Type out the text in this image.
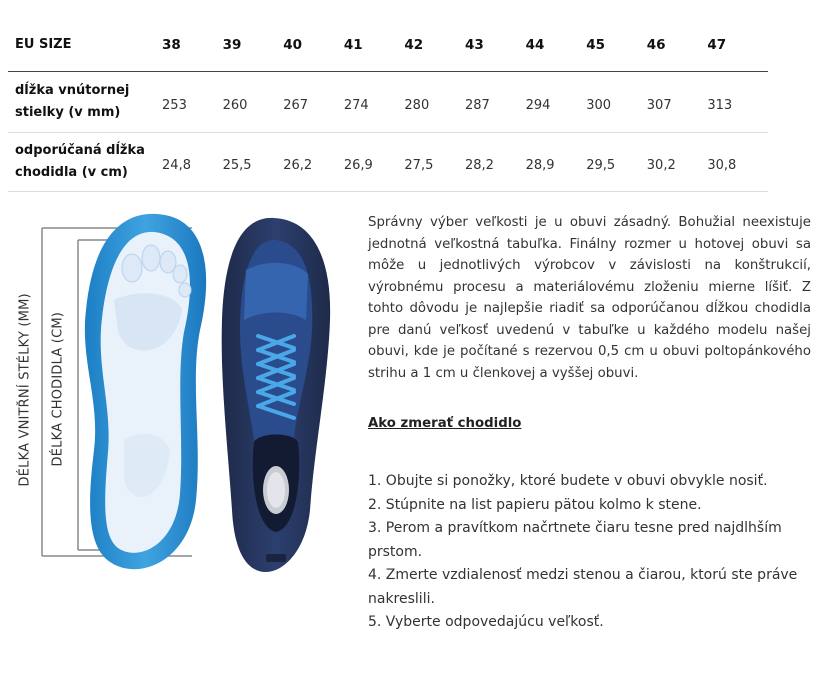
EU SIZE	38	39	40	41	42	43	44	45	46	47
dĺžka vnútornej
stielky (v mm)	253	260	267	274	280	287	294	300	307	313
odporúčaná dĺžka
chodidla (v cm)	24,8	25,5	26,2	26,9	27,5	28,2	28,9	29,5	30,2	30,8
DÉLKA VNITŘNÍ STÉLKY (MM) DÉLKA CHODIDLA (CM)

Správny výber veľkosti je u obuvi zásadný. Bohužial neexistuje jednotná veľkostná tabuľka. Finálny rozmer u hotovej obuvi sa môže u jednotlivých výrobcov v závislosti na konštrukcií, výrobnému procesu a materiálovému zloženiu mierne líšiť. Z tohto dôvodu je najlepšie riadiť sa odporúčanou dĺžkou chodidla pre danú veľkosť uvedenú v tabuľke u každého modelu našej obuvi, kde je počítané s rezervou 0,5 cm u obuvi poltopánkového strihu a 1 cm u členkovej a vyššej obuvi.

Ako zmerať chodidlo
1. Obujte si ponožky, ktoré budete v obuvi obvykle nosiť.
2. Stúpnite na list papieru pätou kolmo k stene.
3. Perom a pravítkom načrtnete čiaru tesne pred najdlhším prstom.
4. Zmerte vzdialenosť medzi stenou a čiarou, ktorú ste práve nakreslili.
5. Vyberte odpovedajúcu veľkosť.
